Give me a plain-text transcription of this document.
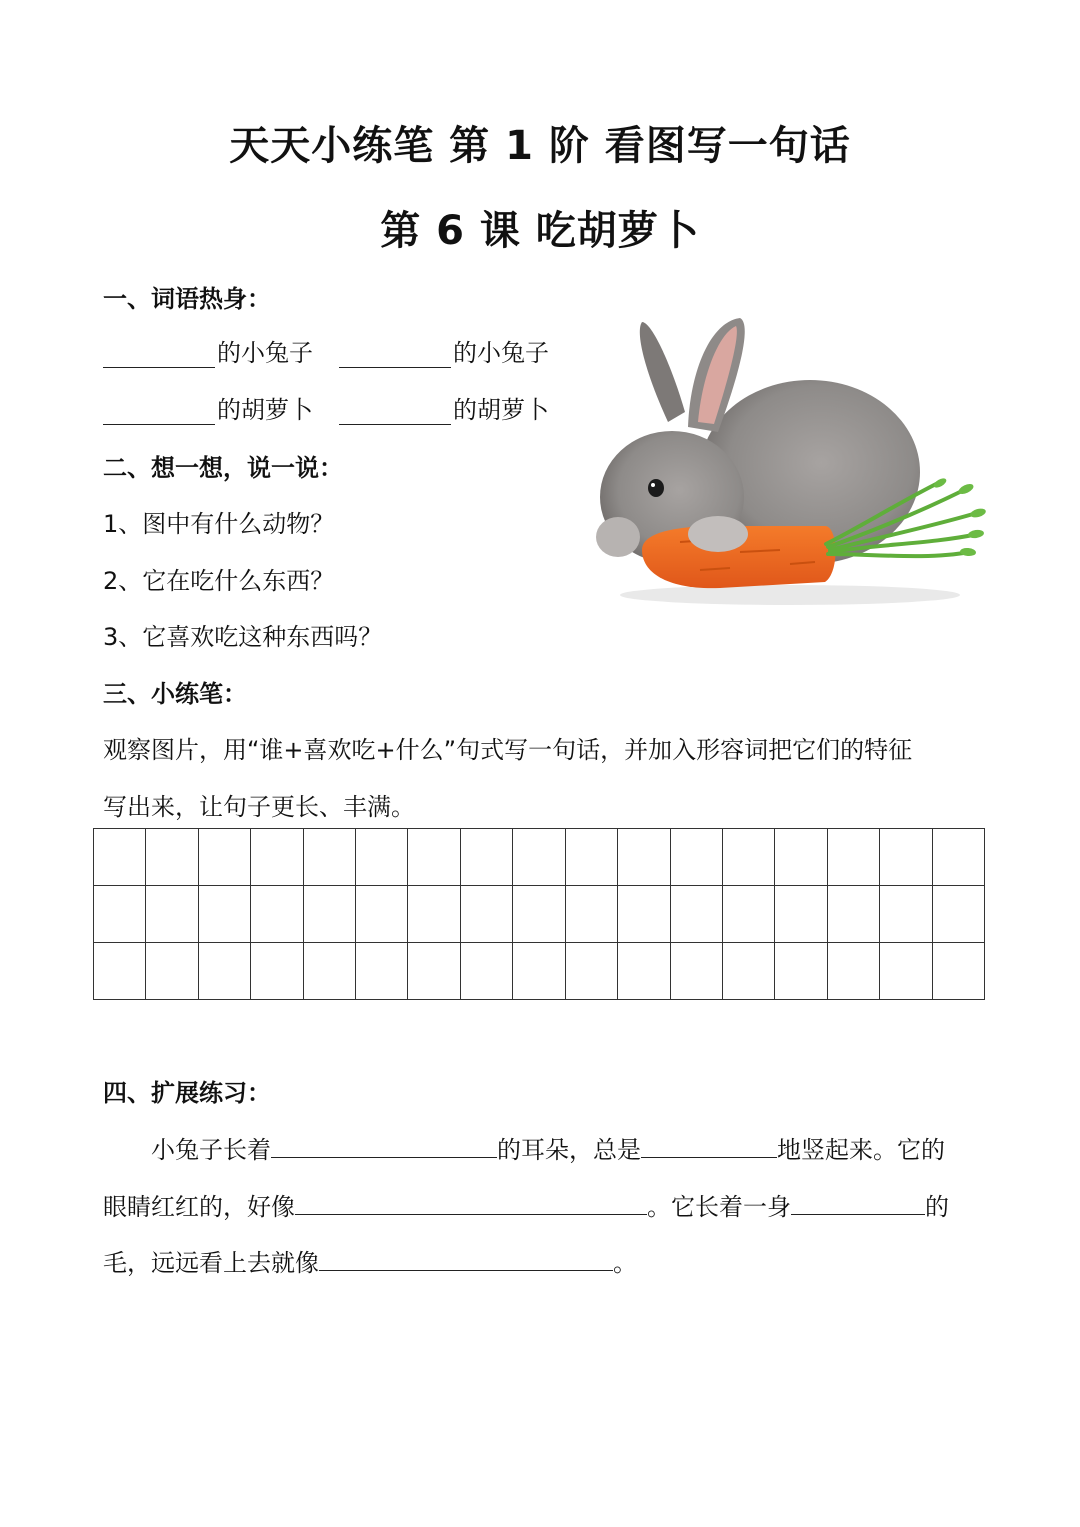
天天小练笔 第 1 阶 看图写一句话
第 6 课 吃胡萝卜
一、词语热身：
的小兔子	的小兔子
的胡萝卜	的胡萝卜
二、想一想，说一说：
1、图中有什么动物？
2、它在吃什么东西？
3、它喜欢吃这种东西吗？
三、小练笔：
观察图片，用“谁+喜欢吃+什么”句式写一句话，并加入形容词把它们的特征
写出来，让句子更长、丰满。
四、扩展练习：
小兔子长着	的耳朵，总是	地竖起来。它的
眼睛红红的，好像	。它长着一身	的
毛，远远看上去就像	。
